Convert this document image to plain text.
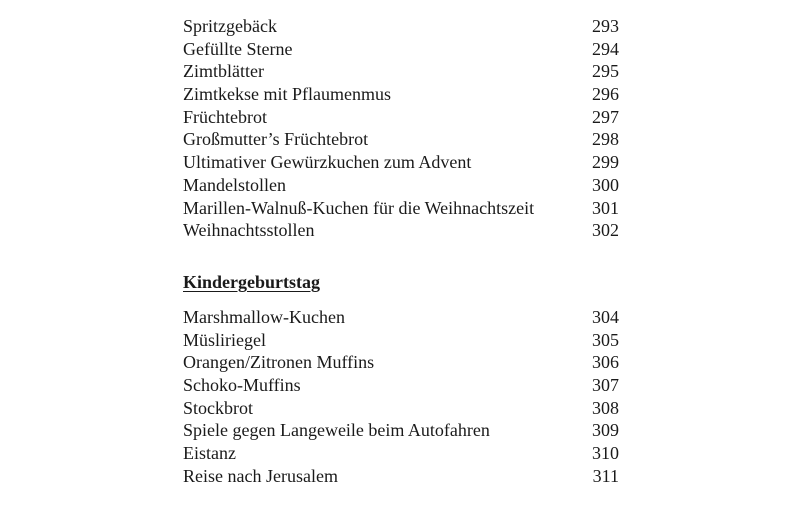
Spritzgebäck	293
Gefüllte Sterne	294
Zimtblätter	295
Zimtkekse mit Pflaumenmus	296
Früchtebrot	297
Großmutter’s Früchtebrot	298
Ultimativer Gewürzkuchen zum Advent	299
Mandelstollen	300
Marillen-Walnuß-Kuchen für die Weihnachtszeit	301
Weihnachtsstollen	302
Kindergeburtstag
Marshmallow-Kuchen	304
Müsliriegel	305
Orangen/Zitronen Muffins	306
Schoko-Muffins	307
Stockbrot	308
Spiele gegen Langeweile beim Autofahren	309
Eistanz	310
Reise nach Jerusalem	311
